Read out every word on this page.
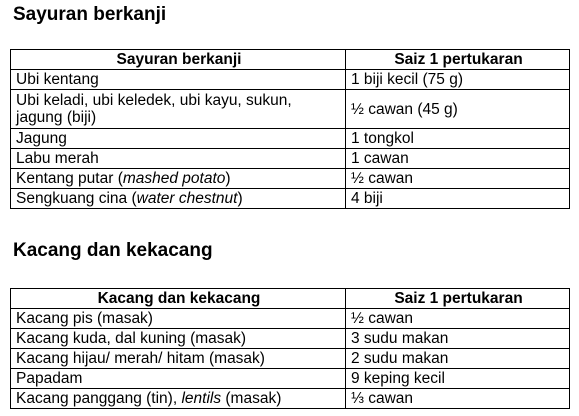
Sayuran berkanji
Sayuran berkanji	Saiz 1 pertukaran
Ubi kentang	1 biji kecil (75 g)
Ubi keladi, ubi keledek, ubi kayu, sukun, jagung (biji)	½ cawan (45 g)
Jagung	1 tongkol
Labu merah	1 cawan
Kentang putar (mashed potato)	½ cawan
Sengkuang cina (water chestnut)	4 biji
Kacang dan kekacang
Kacang dan kekacang	Saiz 1 pertukaran
Kacang pis (masak)	½ cawan
Kacang kuda, dal kuning (masak)	3 sudu makan
Kacang hijau/ merah/ hitam (masak)	2 sudu makan
Papadam	9 keping kecil
Kacang panggang (tin), lentils (masak)	⅓ cawan
